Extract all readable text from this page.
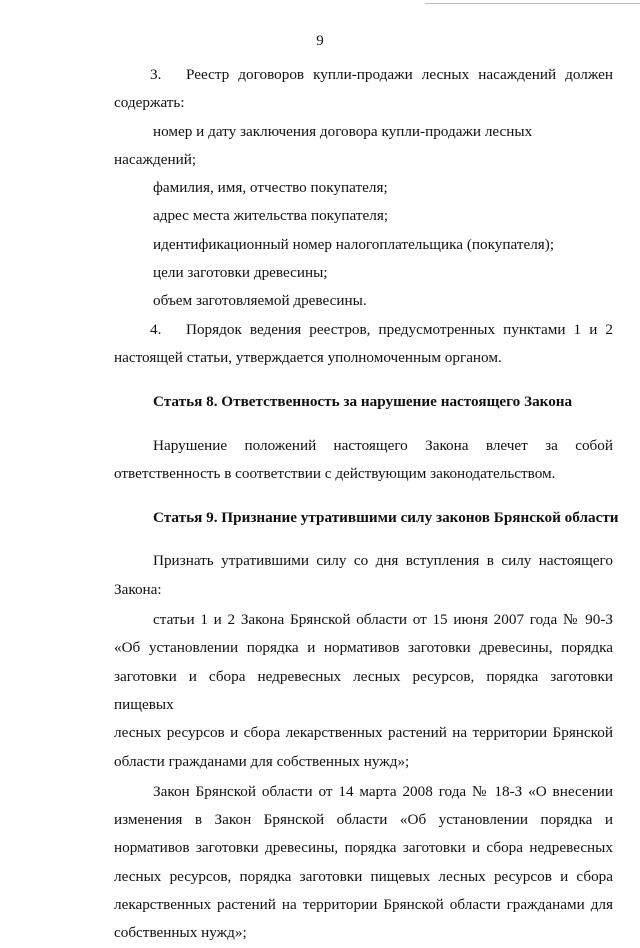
9

3. Реестр договоров купли-продажи лесных насаждений должен

содержать:

номер и дату заключения договора купли-продажи лесных насаждений;

фамилия, имя, отчество покупателя;

адрес места жительства покупателя;

идентификационный номер налогоплательщика (покупателя);

цели заготовки древесины;

объем заготовляемой древесины.

4. Порядок ведения реестров, предусмотренных пунктами 1 и 2

настоящей статьи, утверждается уполномоченным органом.

Статья 8. Ответственность за нарушение настоящего Закона

Нарушение положений настоящего Закона влечет за собой

ответственность в соответствии с действующим законодательством.

Статья 9. Признание утратившими силу законов Брянской области

Признать утратившими силу со дня вступления в силу настоящего

Закона:

статьи 1 и 2 Закона Брянской области от 15 июня 2007 года № 90-З

«Об установлении порядка и нормативов заготовки древесины, порядка

заготовки и сбора недревесных лесных ресурсов, порядка заготовки пищевых

лесных ресурсов и сбора лекарственных растений на территории Брянской

области гражданами для собственных нужд»;

Закон Брянской области от 14 марта 2008 года № 18-З «О внесении

изменения в Закон Брянской области «Об установлении порядка и

нормативов заготовки древесины, порядка заготовки и сбора недревесных

лесных ресурсов, порядка заготовки пищевых лесных ресурсов и сбора

лекарственных растений на территории Брянской области гражданами для

собственных нужд»;
